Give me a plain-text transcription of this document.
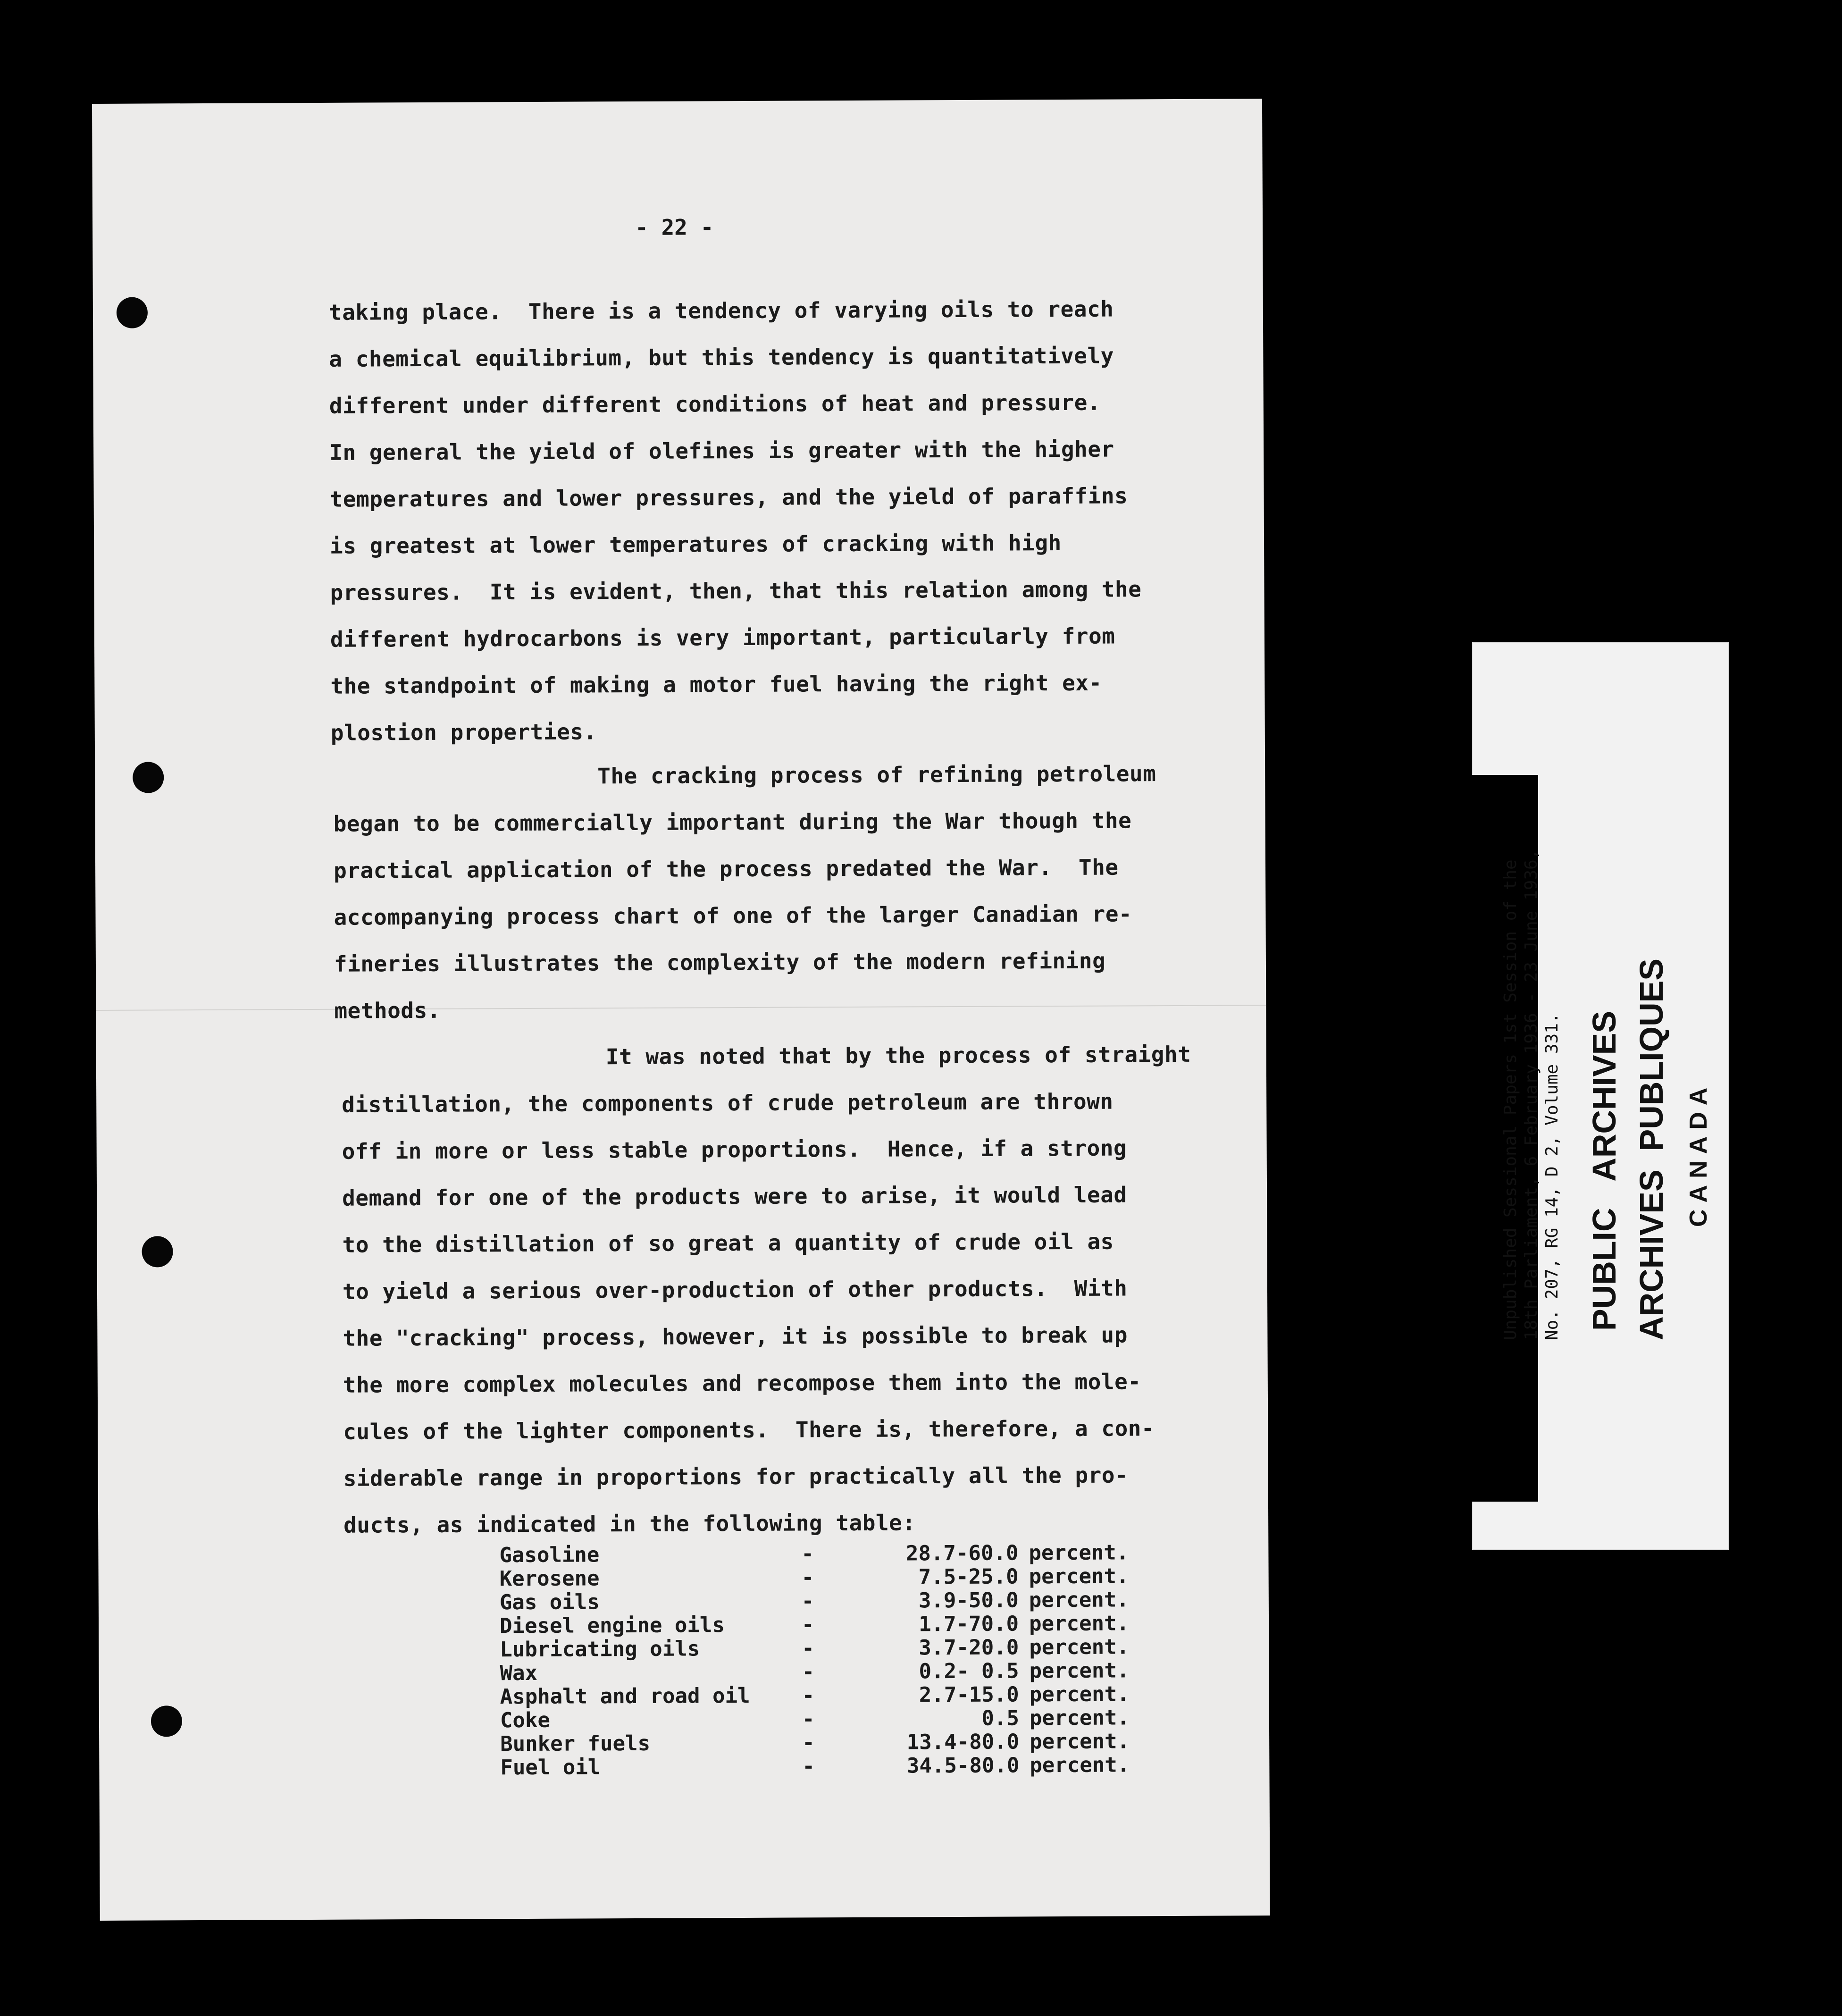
- 22 -
taking place.  There is a tendency of varying oils to reach
a chemical equilibrium, but this tendency is quantitatively
different under different conditions of heat and pressure.
In general the yield of olefines is greater with the higher
temperatures and lower pressures, and the yield of paraffins
is greatest at lower temperatures of cracking with high
pressures.  It is evident, then, that this relation among the
different hydrocarbons is very important, particularly from
the standpoint of making a motor fuel having the right ex-
plostion properties.
The cracking process of refining petroleum
began to be commercially important during the War though the
practical application of the process predated the War.  The
accompanying process chart of one of the larger Canadian re-
fineries illustrates the complexity of the modern refining
methods.
It was noted that by the process of straight
distillation, the components of crude petroleum are thrown
off in more or less stable proportions.  Hence, if a strong
demand for one of the products were to arise, it would lead
to the distillation of so great a quantity of crude oil as
to yield a serious over-production of other products.  With
the "cracking" process, however, it is possible to break up
the more complex molecules and recompose them into the mole-
cules of the lighter components.  There is, therefore, a con-
siderable range in proportions for practically all the pro-
ducts, as indicated in the following table:
Gasoline	-	28.7-60.0 percent.
Kerosene	-	7.5-25.0 percent.
Gas oils	-	3.9-50.0 percent.
Diesel engine oils	-	1.7-70.0 percent.
Lubricating oils	-	3.7-20.0 percent.
Wax	-	0.2- 0.5 percent.
Asphalt and road oil	-	2.7-15.0 percent.
Coke	-	0.5 percent.
Bunker fuels	-	13.4-80.0 percent.
Fuel oil	-	34.5-80.0 percent.
Unpublished Sessional Papers 1st Session of the 18th Parliament, 6 February 1936 - 23 June 1936, No. 207, RG 14, D 2, Volume 331. PUBLIC   ARCHIVES ARCHIVES  PUBLIQUES CANADA
